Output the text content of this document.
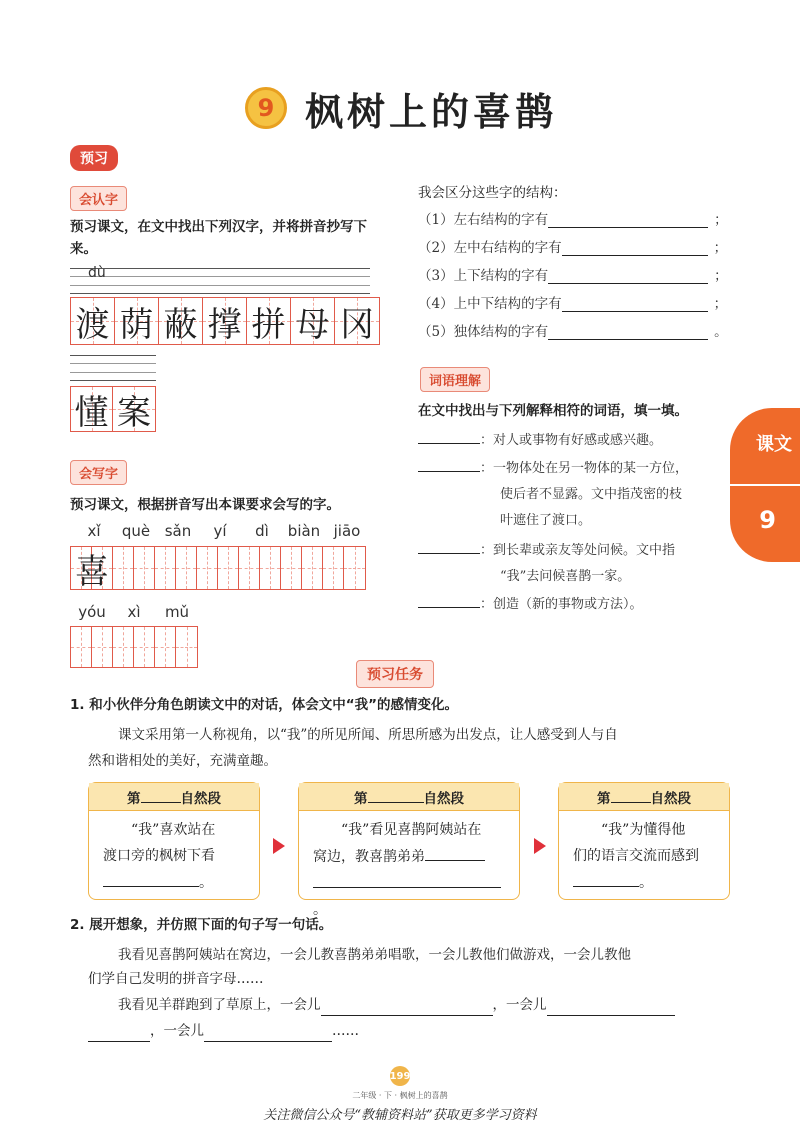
9 枫树上的喜鹊
预习
会认字
预习课文，在文中找出下列汉字，并将拼音抄写下来。
dù
渡 荫 蔽 撑 拼 母 冈
懂 案
会写字
预习课文，根据拼音写出本课要求会写的字。
xǐ	què sǎn	yí	dì	biàn jiāo
喜
yóu	xì	mǔ
我会区分这些字的结构：
（1）左右结构的字有	；
（2）左中右结构的字有	；
（3）上下结构的字有	；
（4）上中下结构的字有	；
（5）独体结构的字有	。
词语理解
在文中找出与下列解释相符的词语，填一填。
：对人或事物有好感或感兴趣。
：一物体处在另一物体的某一方位，
使后者不显露。文中指茂密的枝
叶遮住了渡口。
：到长辈或亲友等处问候。文中指
“我”去问候喜鹊一家。
：创造（新的事物或方法）。
课文
9
预习任务
1. 和小伙伴分角色朗读文中的对话，体会文中“我”的感情变化。
课文采用第一人称视角，以“我”的所见所闻、所思所感为出发点，让人感受到人与自
然和谐相处的美好，充满童趣。
第	自然段
“我”喜欢站在
渡口旁的枫树下看
。
第	自然段
“我”看见喜鹊阿姨站在
窝边，教喜鹊弟弟
。
第	自然段
“我”为懂得他
们的语言交流而感到
。
2. 展开想象，并仿照下面的句子写一句话。
我看见喜鹊阿姨站在窝边，一会儿教喜鹊弟弟唱歌，一会儿教他们做游戏，一会儿教他
们学自己发明的拼音字母……
我看见羊群跑到了草原上，一会儿	，一会儿
，一会儿	……
199
二年级 · 下 · 枫树上的喜鹊
关注微信公众号“教辅资料站”获取更多学习资料
